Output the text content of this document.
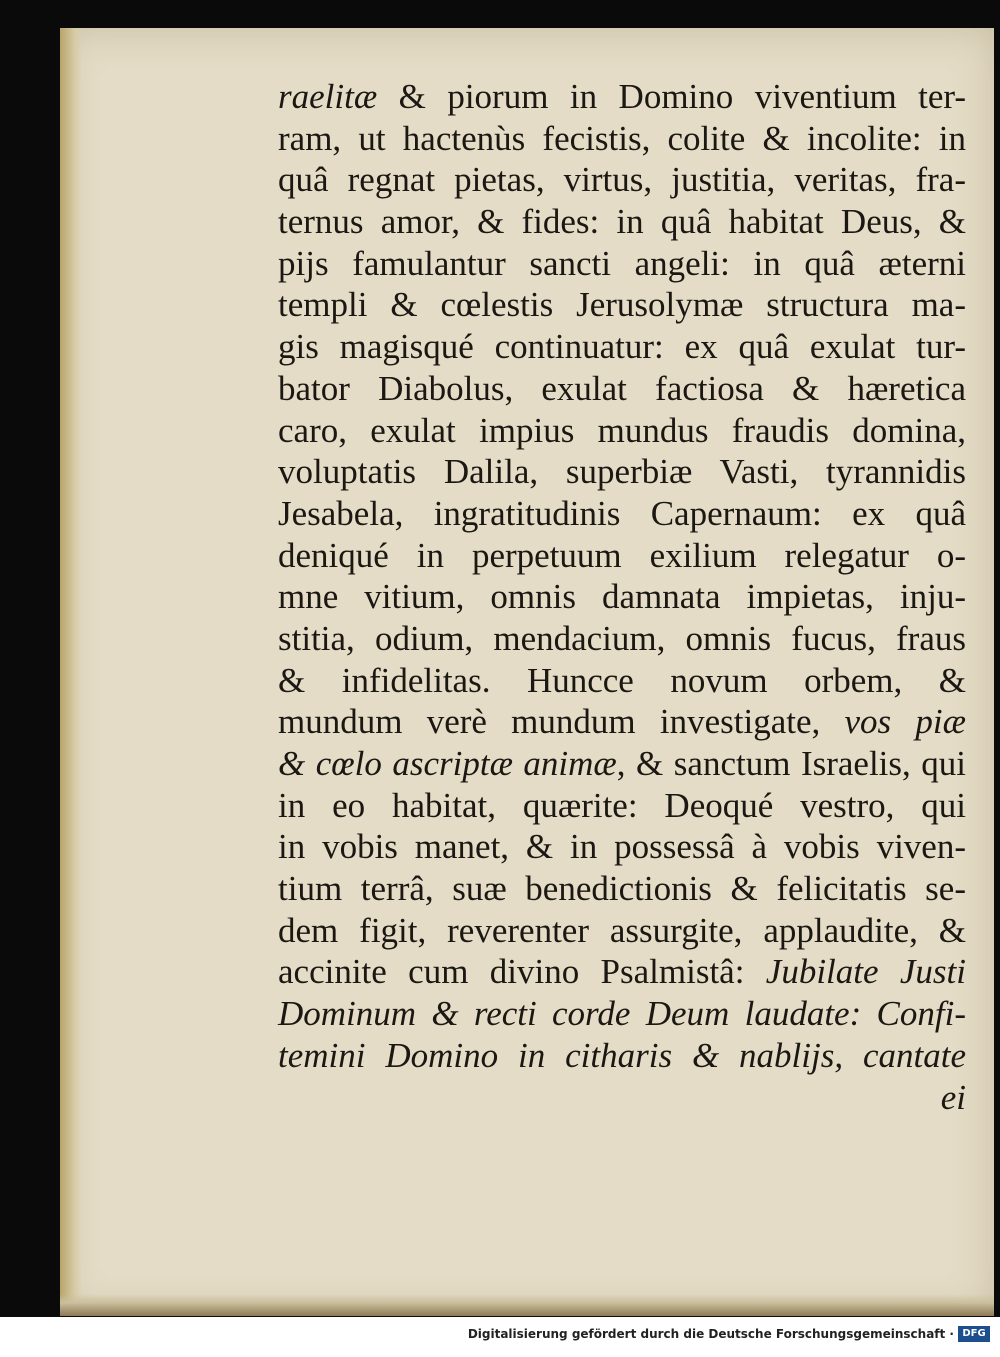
raelitæ & piorum in Domino viventium ter-
ram, ut hactenùs fecistis, colite & incolite: in
quâ regnat pietas, virtus, justitia, veritas, fra-
ternus amor, & fides: in quâ habitat Deus, &
pijs famulantur sancti angeli: in quâ æterni
templi & cœlestis Jerusolymæ structura ma-
gis magisqué continuatur: ex quâ exulat tur-
bator Diabolus, exulat factiosa & hæretica
caro, exulat impius mundus fraudis domina,
voluptatis Dalila, superbiæ Vasti, tyrannidis
Jesabela, ingratitudinis Capernaum: ex quâ
deniqué in perpetuum exilium relegatur o-
mne vitium, omnis damnata impietas, inju-
stitia, odium, mendacium, omnis fucus, fraus
& infidelitas. Huncce novum orbem, &
mundum verè mundum investigate, vos piæ
& cœlo ascriptæ animæ, & sanctum Israelis, qui
in eo habitat, quærite: Deoqué vestro, qui
in vobis manet, & in possessâ à vobis viven-
tium terrâ, suæ benedictionis & felicitatis se-
dem figit, reverenter assurgite, applaudite, &
accinite cum divino Psalmistâ: Jubilate Justi
Dominum & recti corde Deum laudate: Confi-
temini Domino in citharis & nablijs, cantate
ei
Digitalisierung gefördert durch die Deutsche Forschungsgemeinschaft · DFG
